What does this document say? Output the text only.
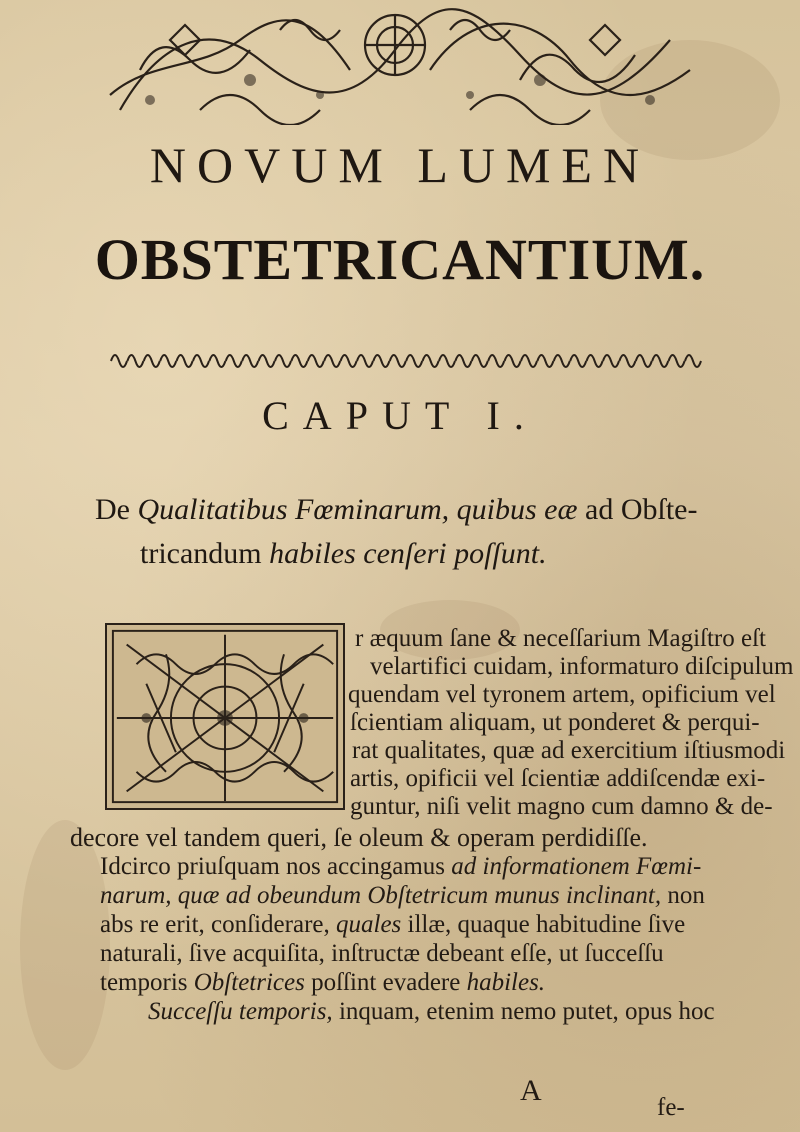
NOVUM LUMEN
OBSTETRICANTIUM.
CAPUT I.
De Qualitatibus Fœminarum, quibus eæ ad Obſte-
tricandum habiles cenſeri poſſunt.
r æquum ſane & neceſſarium Magiſtro eſt
velartifici cuidam, informaturo diſcipulum
quendam vel tyronem artem, opificium vel
ſcientiam aliquam, ut ponderet & perqui-
rat qualitates, quæ ad exercitium iſtiusmodi
artis, opificii vel ſcientiæ addiſcendæ exi-
guntur, niſi velit magno cum damno & de-
decore vel tandem queri, ſe oleum & operam perdidiſſe.
Idcirco priuſquam nos accingamus ad informationem Fœmi-
narum, quæ ad obeundum Obſtetricum munus inclinant, non
abs re erit, conſiderare, quales illæ, quaque habitudine ſive
naturali, ſive acquiſita, inſtructæ debeant eſſe, ut ſucceſſu
temporis Obſtetrices poſſint evadere habiles.
Succeſſu temporis, inquam, etenim nemo putet, opus hoc
A
fe-
